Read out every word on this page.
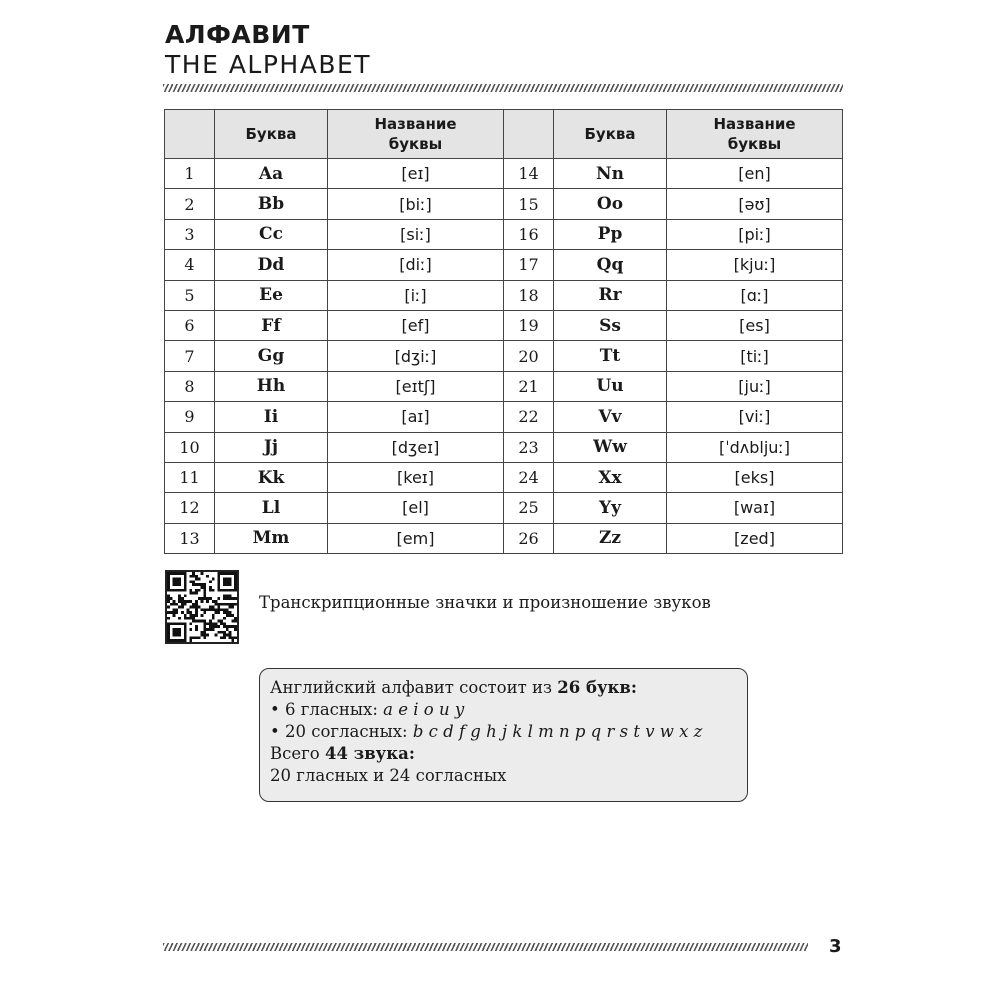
АЛФАВИТ
THE ALPHABET
	Буква	Название буквы		Буква	Название буквы

1	Aa	[eɪ]	14	Nn	[en]
2	Bb	[biː]	15	Oo	[əʊ]
3	Cc	[siː]	16	Pp	[piː]
4	Dd	[diː]	17	Qq	[kjuː]
5	Ee	[iː]	18	Rr	[ɑː]
6	Ff	[ef]	19	Ss	[es]
7	Gg	[dʒiː]	20	Tt	[tiː]
8	Hh	[eɪtʃ]	21	Uu	[juː]
9	Ii	[aɪ]	22	Vv	[viː]
10	Jj	[dʒeɪ]	23	Ww	[ˈdʌbljuː]
11	Kk	[keɪ]	24	Xx	[eks]
12	Ll	[el]	25	Yy	[waɪ]
13	Mm	[em]	26	Zz	[zed]
Транскрипционные значки и произношение звуков
Английский алфавит состоит из 26 букв:
• 6 гласных: a e i o u y
• 20 согласных: b c d f g h j k l m n p q r s t v w x z
Всего 44 звука:
20 гласных и 24 согласных
3
